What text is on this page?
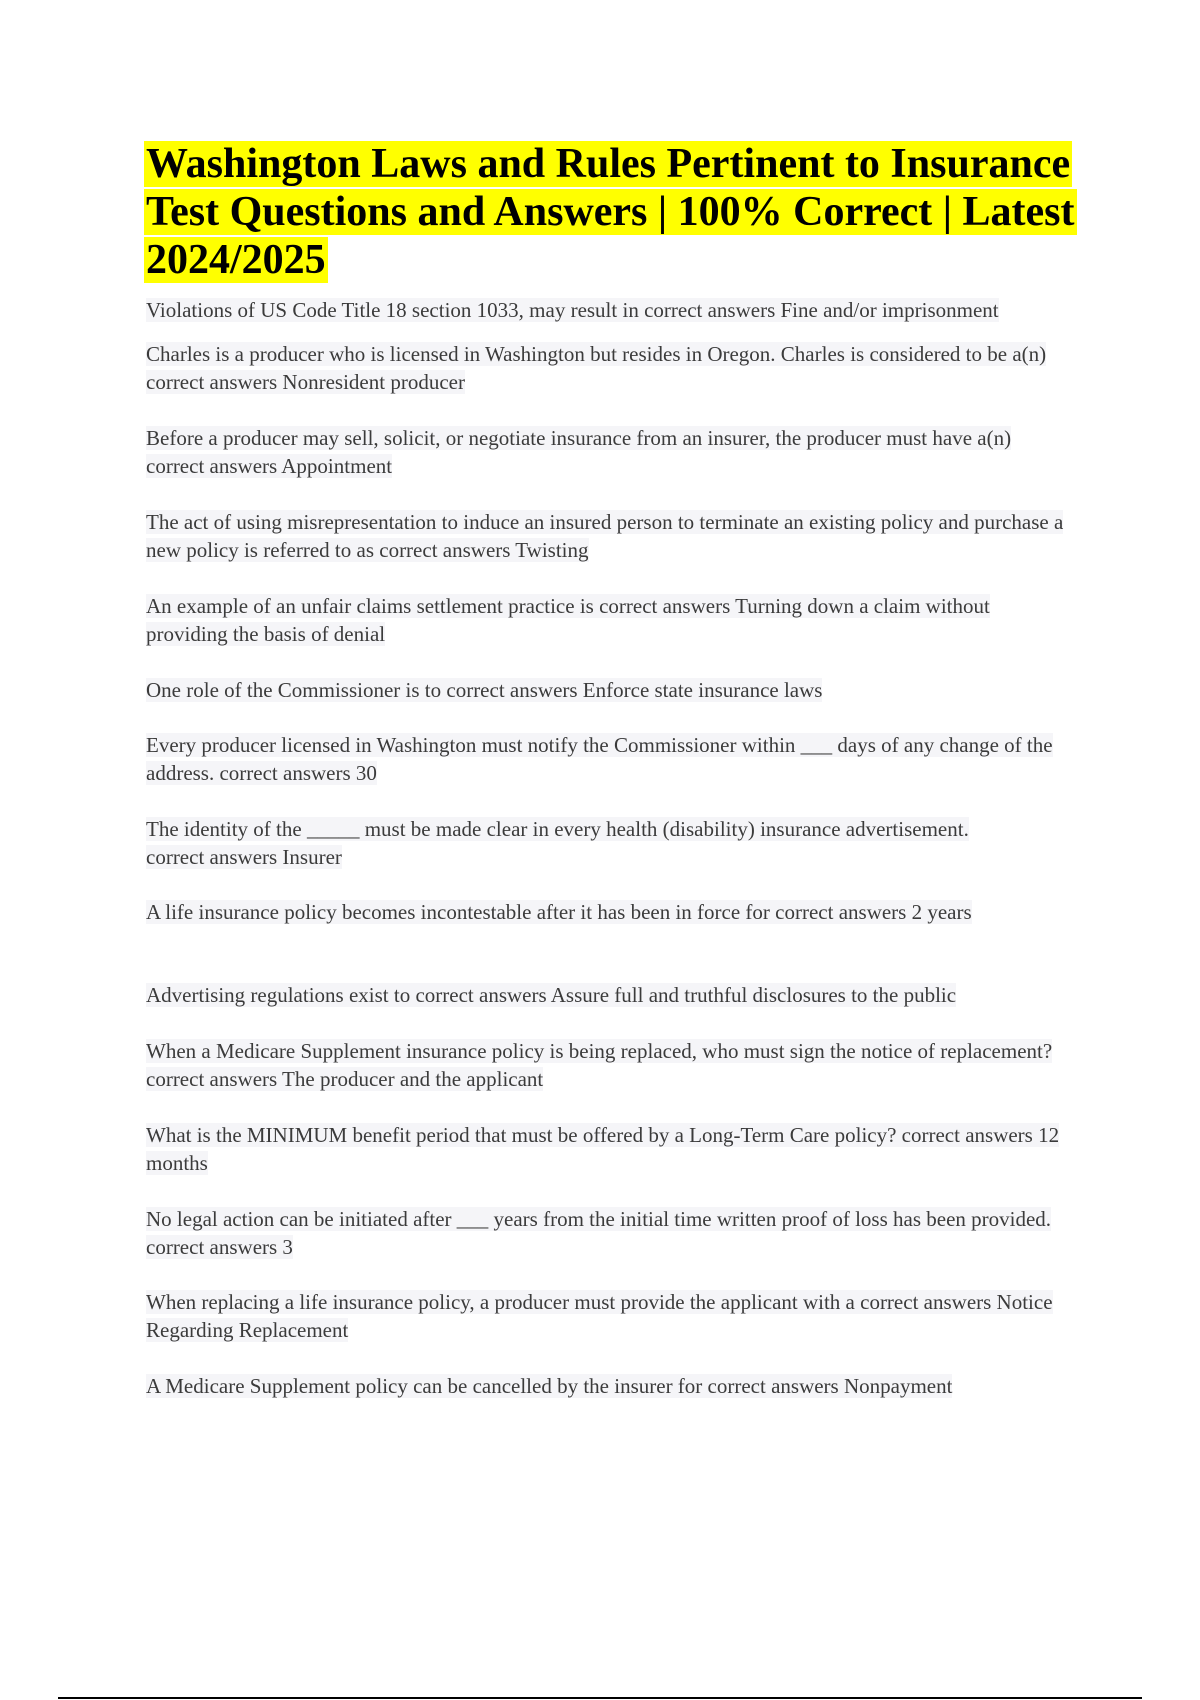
Washington Laws and Rules Pertinent to Insurance Test Questions and Answers | 100% Correct | Latest 2024/2025

Violations of US Code Title 18 section 1033, may result in correct answers Fine and/or imprisonment

Charles is a producer who is licensed in Washington but resides in Oregon. Charles is considered to be a(n) correct answers Nonresident producer

Before a producer may sell, solicit, or negotiate insurance from an insurer, the producer must have a(n) correct answers Appointment

The act of using misrepresentation to induce an insured person to terminate an existing policy and purchase a new policy is referred to as correct answers Twisting

An example of an unfair claims settlement practice is correct answers Turning down a claim without providing the basis of denial

One role of the Commissioner is to correct answers Enforce state insurance laws

Every producer licensed in Washington must notify the Commissioner within ___ days of any change of the address. correct answers 30

The identity of the _____ must be made clear in every health (disability) insurance advertisement. correct answers Insurer

A life insurance policy becomes incontestable after it has been in force for correct answers 2 years

Advertising regulations exist to correct answers Assure full and truthful disclosures to the public

When a Medicare Supplement insurance policy is being replaced, who must sign the notice of replacement? correct answers The producer and the applicant

What is the MINIMUM benefit period that must be offered by a Long-Term Care policy? correct answers 12 months

No legal action can be initiated after ___ years from the initial time written proof of loss has been provided. correct answers 3

When replacing a life insurance policy, a producer must provide the applicant with a correct answers Notice Regarding Replacement

A Medicare Supplement policy can be cancelled by the insurer for correct answers Nonpayment
